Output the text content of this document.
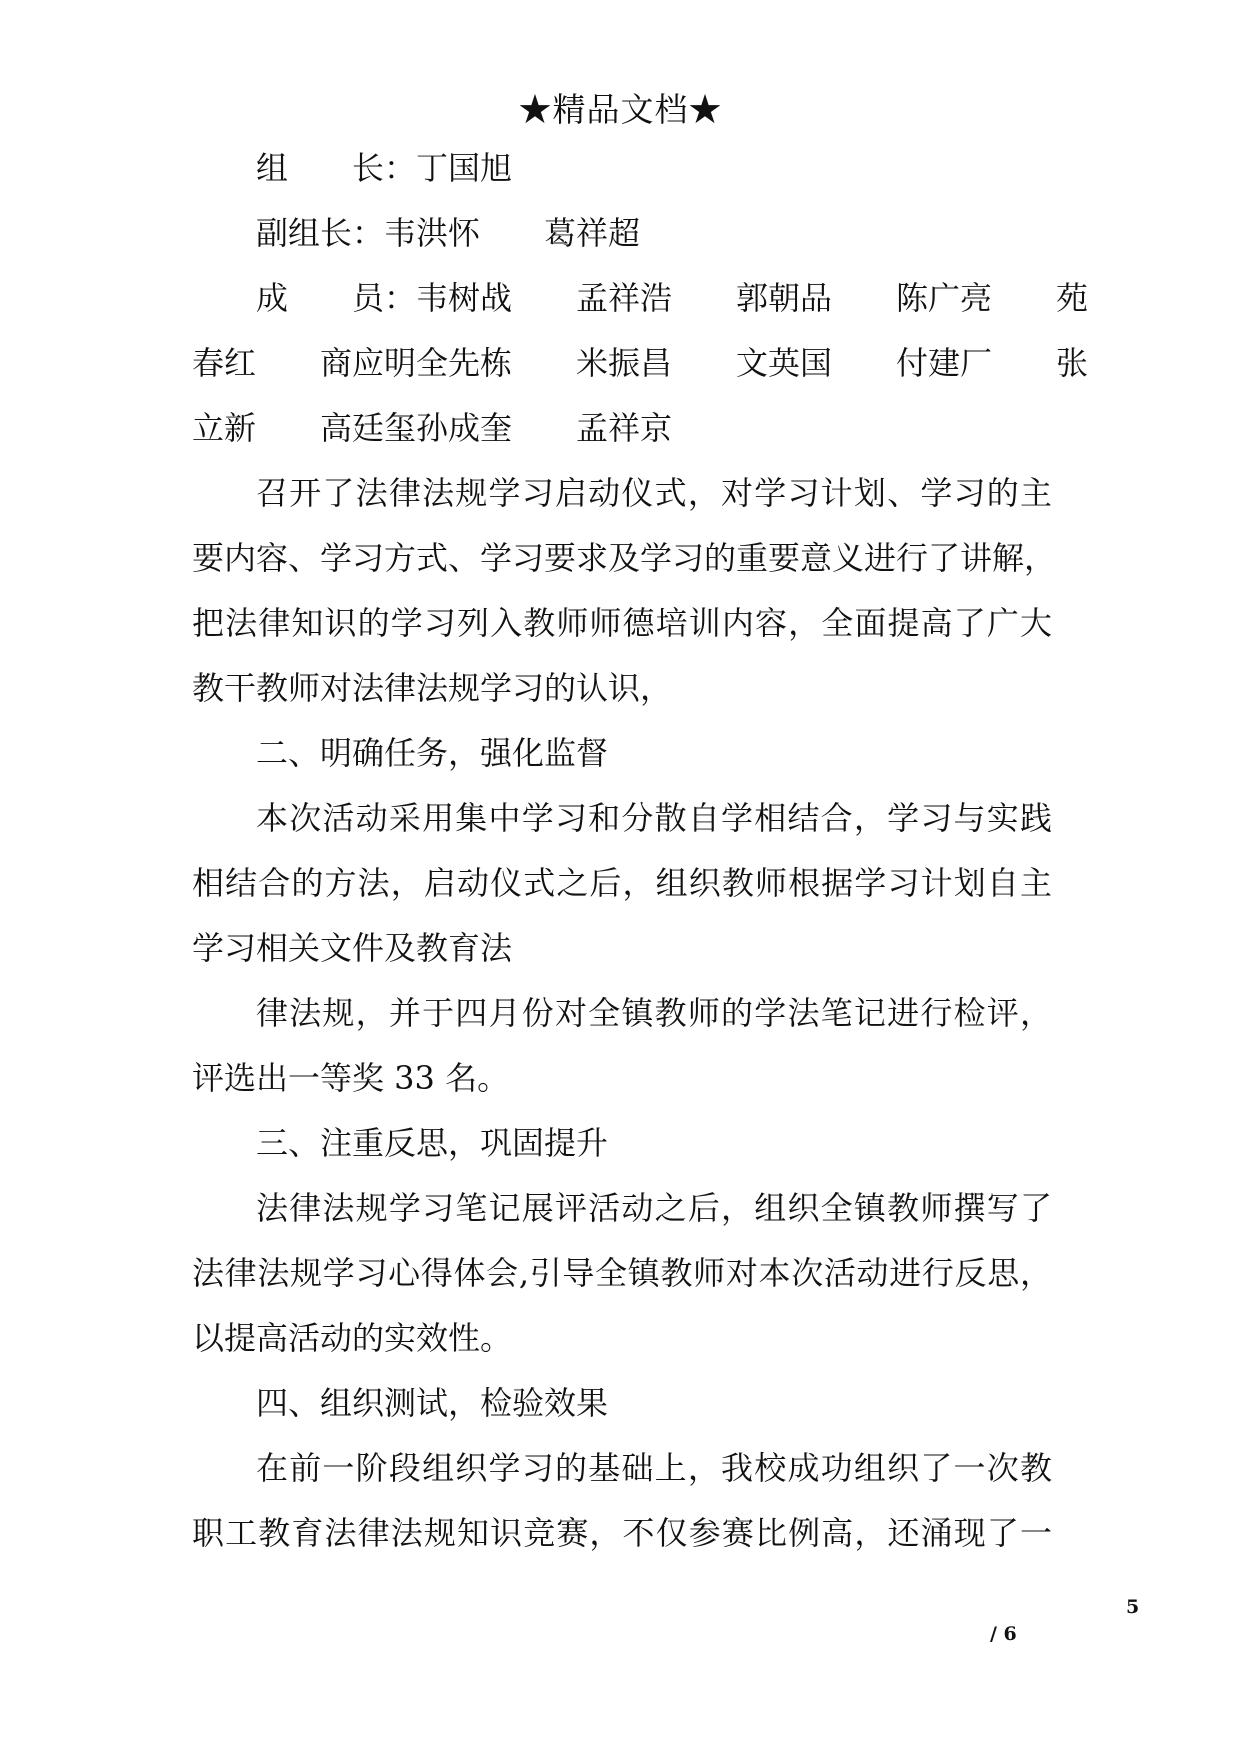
★精品文档★
组　　长：丁国旭
副组长：韦洪怀　　葛祥超
成　　员：韦树战　　孟祥浩　　郭朝品　　陈广亮　　苑
春红　　商应明全先栋　　米振昌　　文英国　　付建厂　　张
立新　　高廷玺孙成奎　　孟祥京
召开了法律法规学习启动仪式，对学习计划、学习的主
要内容、学习方式、学习要求及学习的重要意义进行了讲解，
把法律知识的学习列入教师师德培训内容，全面提高了广大
教干教师对法律法规学习的认识，
二、明确任务，强化监督
本次活动采用集中学习和分散自学相结合，学习与实践
相结合的方法，启动仪式之后，组织教师根据学习计划自主
学习相关文件及教育法
律法规，并于四月份对全镇教师的学法笔记进行检评，
评选出一等奖 33 名。
三、注重反思，巩固提升
法律法规学习笔记展评活动之后，组织全镇教师撰写了
法律法规学习心得体会,引导全镇教师对本次活动进行反思，
以提高活动的实效性。
四、组织测试，检验效果
在前一阶段组织学习的基础上，我校成功组织了一次教
职工教育法律法规知识竞赛，不仅参赛比例高，还涌现了一
5
/ 6
